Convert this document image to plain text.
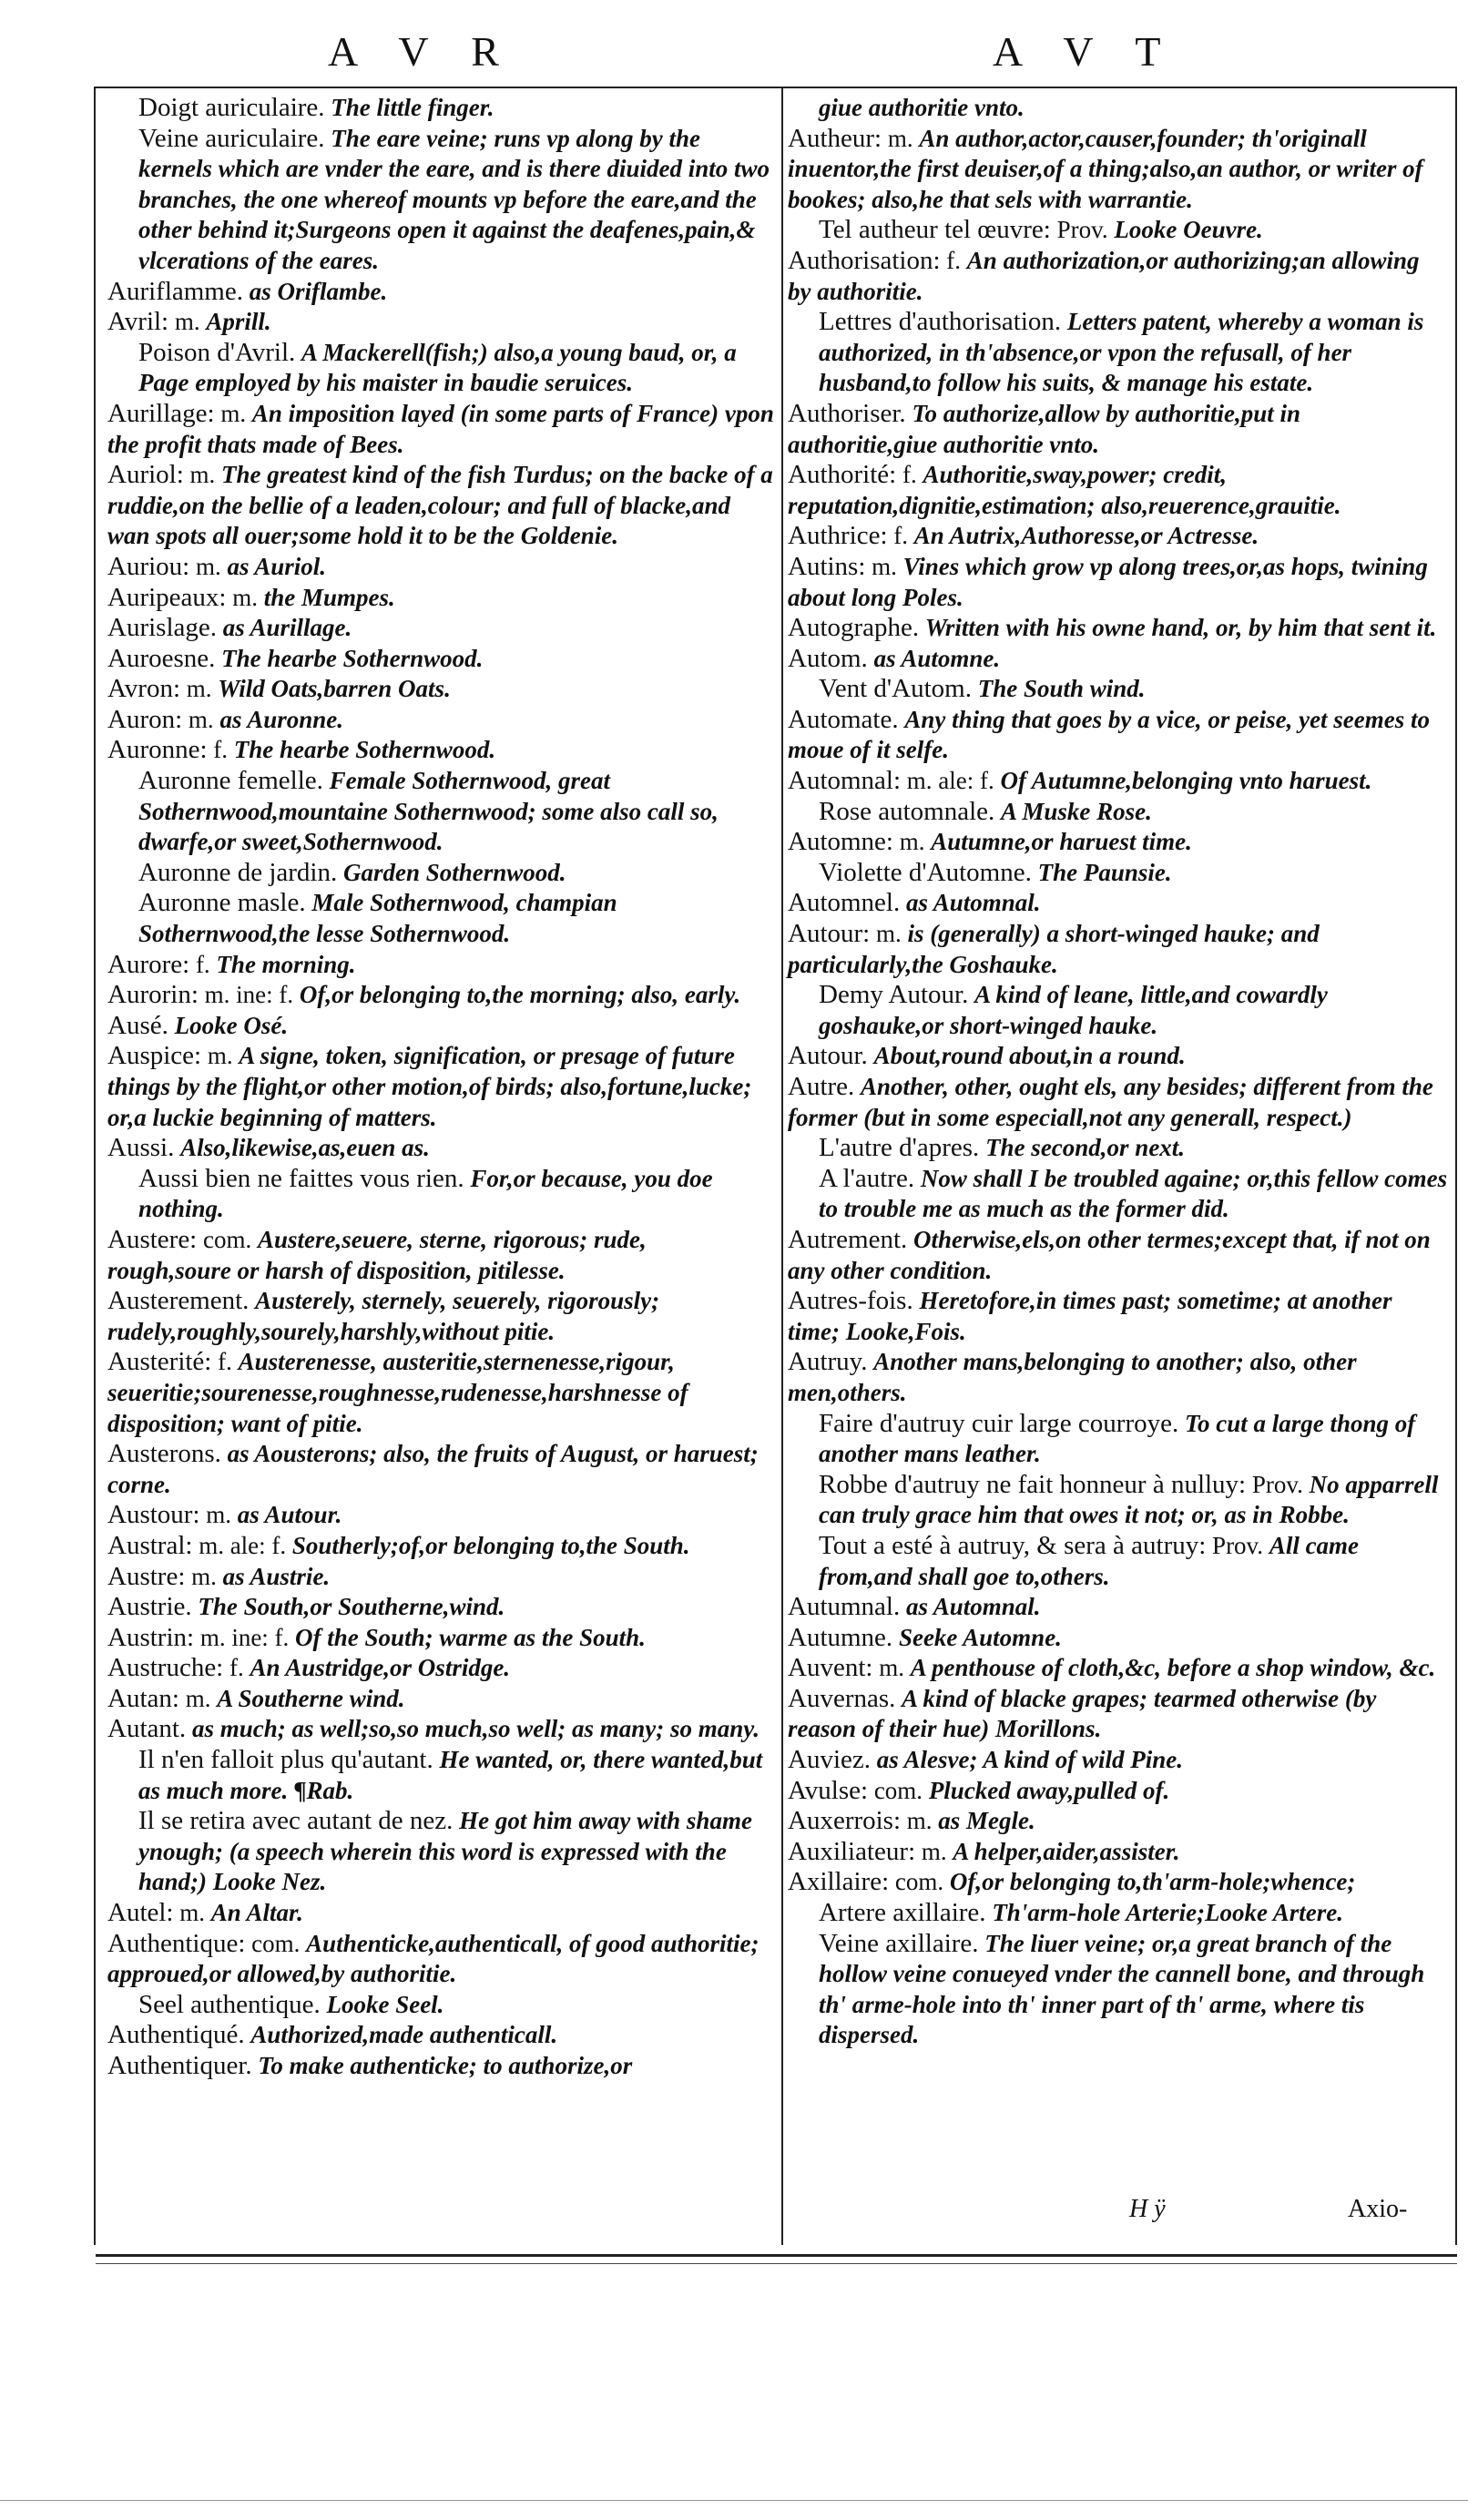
A V R	A V T

Doigt auriculaire. The little finger.

Veine auriculaire. The eare veine; runs vp along by the kernels which are vnder the eare, and is there diuided into two branches, the one whereof mounts vp before the eare,and the other behind it;Surgeons open it against the deafenes,pain,& vlcerations of the eares.

Auriflamme. as Oriflambe.

Avril: m. Aprill.

Poison d'Avril. A Mackerell(fish;) also,a young baud, or, a Page employed by his maister in baudie seruices.

Aurillage: m. An imposition layed (in some parts of France) vpon the profit thats made of Bees.

Auriol: m. The greatest kind of the fish Turdus; on the backe of a ruddie,on the bellie of a leaden,colour; and full of blacke,and wan spots all ouer;some hold it to be the Goldenie.

Auriou: m. as Auriol.

Auripeaux: m. the Mumpes.

Aurislage. as Aurillage.

Auroesne. The hearbe Sothernwood.

Avron: m. Wild Oats,barren Oats.

Auron: m. as Auronne.

Auronne: f. The hearbe Sothernwood.

Auronne femelle. Female Sothernwood, great Sothernwood,mountaine Sothernwood; some also call so, dwarfe,or sweet,Sothernwood.

Auronne de jardin. Garden Sothernwood.

Auronne masle. Male Sothernwood, champian Sothernwood,the lesse Sothernwood.

Aurore: f. The morning.

Aurorin: m. ine: f. Of,or belonging to,the morning; also, early.

Ausé. Looke Osé.

Auspice: m. A signe, token, signification, or presage of future things by the flight,or other motion,of birds; also,fortune,lucke; or,a luckie beginning of matters.

Aussi. Also,likewise,as,euen as.

Aussi bien ne faittes vous rien. For,or because, you doe nothing.

Austere: com. Austere,seuere, sterne, rigorous; rude, rough,soure or harsh of disposition, pitilesse.

Austerement. Austerely, sternely, seuerely, rigorously; rudely,roughly,sourely,harshly,without pitie.

Austerité: f. Austerenesse, austeritie,sternenesse,rigour, seueritie;sourenesse,roughnesse,rudenesse,harshnesse of disposition; want of pitie.

Austerons. as Aousterons; also, the fruits of August, or haruest; corne.

Austour: m. as Autour.

Austral: m. ale: f. Southerly;of,or belonging to,the South.

Austre: m. as Austrie.

Austrie. The South,or Southerne,wind.

Austrin: m. ine: f. Of the South; warme as the South.

Austruche: f. An Austridge,or Ostridge.

Autan: m. A Southerne wind.

Autant. as much; as well;so,so much,so well; as many; so many.

Il n'en falloit plus qu'autant. He wanted, or, there wanted,but as much more. ¶Rab.

Il se retira avec autant de nez. He got him away with shame ynough; (a speech wherein this word is expressed with the hand;) Looke Nez.

Autel: m. An Altar.

Authentique: com. Authenticke,authenticall, of good authoritie; approued,or allowed,by authoritie.

Seel authentique. Looke Seel.

Authentiqué. Authorized,made authenticall.

Authentiquer. To make authenticke; to authorize,or

giue authoritie vnto.

Autheur: m. An author,actor,causer,founder; th'originall inuentor,the first deuiser,of a thing;also,an author, or writer of bookes; also,he that sels with warrantie.

Tel autheur tel œuvre: Prov. Looke Oeuvre.

Authorisation: f. An authorization,or authorizing;an allowing by authoritie.

Lettres d'authorisation. Letters patent, whereby a woman is authorized, in th'absence,or vpon the refusall, of her husband,to follow his suits, & manage his estate.

Authoriser. To authorize,allow by authoritie,put in authoritie,giue authoritie vnto.

Authorité: f. Authoritie,sway,power; credit, reputation,dignitie,estimation; also,reuerence,grauitie.

Authrice: f. An Autrix,Authoresse,or Actresse.

Autins: m. Vines which grow vp along trees,or,as hops, twining about long Poles.

Autographe. Written with his owne hand, or, by him that sent it.

Autom. as Automne.

Vent d'Autom. The South wind.

Automate. Any thing that goes by a vice, or peise, yet seemes to moue of it selfe.

Automnal: m. ale: f. Of Autumne,belonging vnto haruest.

Rose automnale. A Muske Rose.

Automne: m. Autumne,or haruest time.

Violette d'Automne. The Paunsie.

Automnel. as Automnal.

Autour: m. is (generally) a short-winged hauke; and particularly,the Goshauke.

Demy Autour. A kind of leane, little,and cowardly goshauke,or short-winged hauke.

Autour. About,round about,in a round.

Autre. Another, other, ought els, any besides; different from the former (but in some especiall,not any generall, respect.)

L'autre d'apres. The second,or next.

A l'autre. Now shall I be troubled againe; or,this fellow comes to trouble me as much as the former did.

Autrement. Otherwise,els,on other termes;except that, if not on any other condition.

Autres-fois. Heretofore,in times past; sometime; at another time; Looke,Fois.

Autruy. Another mans,belonging to another; also, other men,others.

Faire d'autruy cuir large courroye. To cut a large thong of another mans leather.

Robbe d'autruy ne fait honneur à nulluy: Prov. No apparrell can truly grace him that owes it not; or, as in Robbe.

Tout a esté à autruy, & sera à autruy: Prov. All came from,and shall goe to,others.

Autumnal. as Automnal.

Autumne. Seeke Automne.

Auvent: m. A penthouse of cloth,&c, before a shop window, &c.

Auvernas. A kind of blacke grapes; tearmed otherwise (by reason of their hue) Morillons.

Auviez. as Alesve; A kind of wild Pine.

Avulse: com. Plucked away,pulled of.

Auxerrois: m. as Megle.

Auxiliateur: m. A helper,aider,assister.

Axillaire: com. Of,or belonging to,th'arm-hole;whence;

Artere axillaire. Th'arm-hole Arterie;Looke Artere.

Veine axillaire. The liuer veine; or,a great branch of the hollow veine conueyed vnder the cannell bone, and through th' arme-hole into th' inner part of th' arme, where tis dispersed.

H ÿ	Axio-
